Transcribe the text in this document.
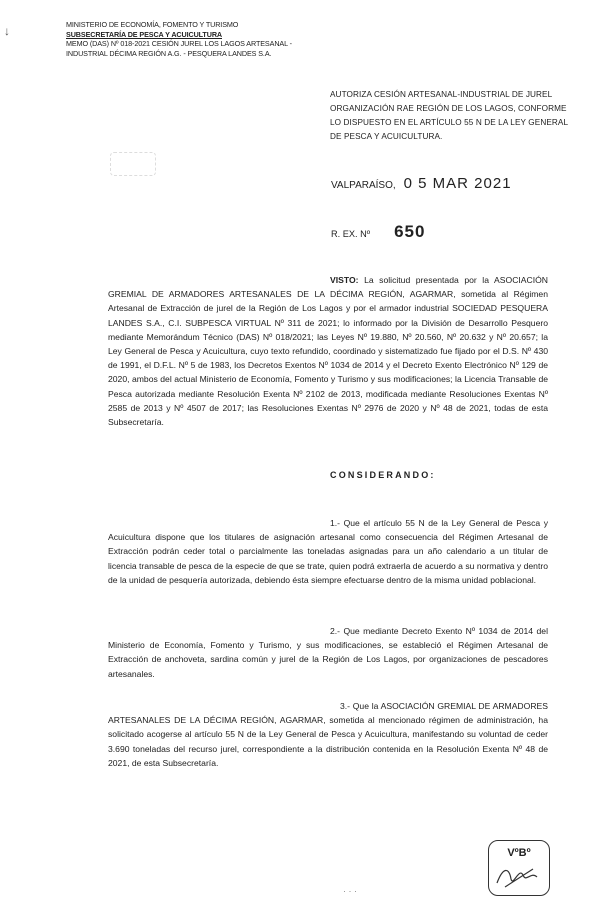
↓	MINISTERIO DE ECONOMÍA, FOMENTO Y TURISMO
SUBSECRETARÍA DE PESCA Y ACUICULTURA
MEMO (DAS) Nº 018-2021 CESIÓN JUREL LOS LAGOS ARTESANAL - INDUSTRIAL DÉCIMA REGIÓN A.G. - PESQUERA LANDES S.A.
AUTORIZA CESIÓN ARTESANAL-INDUSTRIAL DE JUREL ORGANIZACIÓN RAE REGIÓN DE LOS LAGOS, CONFORME LO DISPUESTO EN EL ARTÍCULO 55 N DE LA LEY GENERAL DE PESCA Y ACUICULTURA.
VALPARAÍSO, 0 5 MAR 2021
R. EX. Nº 650
VISTO: La solicitud presentada por la ASOCIACIÓN GREMIAL DE ARMADORES ARTESANALES DE LA DÉCIMA REGIÓN, AGARMAR, sometida al Régimen Artesanal de Extracción de jurel de la Región de Los Lagos y por el armador industrial SOCIEDAD PESQUERA LANDES S.A., C.I. SUBPESCA VIRTUAL Nº 311 de 2021; lo informado por la División de Desarrollo Pesquero mediante Memorándum Técnico (DAS) Nº 018/2021; las Leyes Nº 19.880, Nº 20.560, Nº 20.632 y Nº 20.657; la Ley General de Pesca y Acuicultura, cuyo texto refundido, coordinado y sistematizado fue fijado por el D.S. Nº 430 de 1991, el D.F.L. Nº 5 de 1983, los Decretos Exentos Nº 1034 de 2014 y el Decreto Exento Electrónico Nº 129 de 2020, ambos del actual Ministerio de Economía, Fomento y Turismo y sus modificaciones; la Licencia Transable de Pesca autorizada mediante Resolución Exenta Nº 2102 de 2013, modificada mediante Resoluciones Exentas Nº 2585 de 2013 y Nº 4507 de 2017; las Resoluciones Exentas Nº 2976 de 2020 y Nº 48 de 2021, todas de esta Subsecretaría.
CONSIDERANDO:
1.- Que el artículo 55 N de la Ley General de Pesca y Acuicultura dispone que los titulares de asignación artesanal como consecuencia del Régimen Artesanal de Extracción podrán ceder total o parcialmente las toneladas asignadas para un año calendario a un titular de licencia transable de pesca de la especie de que se trate, quien podrá extraerla de acuerdo a su normativa y dentro de la unidad de pesquería autorizada, debiendo ésta siempre efectuarse dentro de la misma unidad poblacional.
2.- Que mediante Decreto Exento Nº 1034 de 2014 del Ministerio de Economía, Fomento y Turismo, y sus modificaciones, se estableció el Régimen Artesanal de Extracción de anchoveta, sardina común y jurel de la Región de Los Lagos, por organizaciones de pescadores artesanales.
3.- Que la ASOCIACIÓN GREMIAL DE ARMADORES ARTESANALES DE LA DÉCIMA REGIÓN, AGARMAR, sometida al mencionado régimen de administración, ha solicitado acogerse al artículo 55 N de la Ley General de Pesca y Acuicultura, manifestando su voluntad de ceder 3.690 toneladas del recurso jurel, correspondiente a la distribución contenida en la Resolución Exenta Nº 48 de 2021, de esta Subsecretaría.
VºBº
· · ·
